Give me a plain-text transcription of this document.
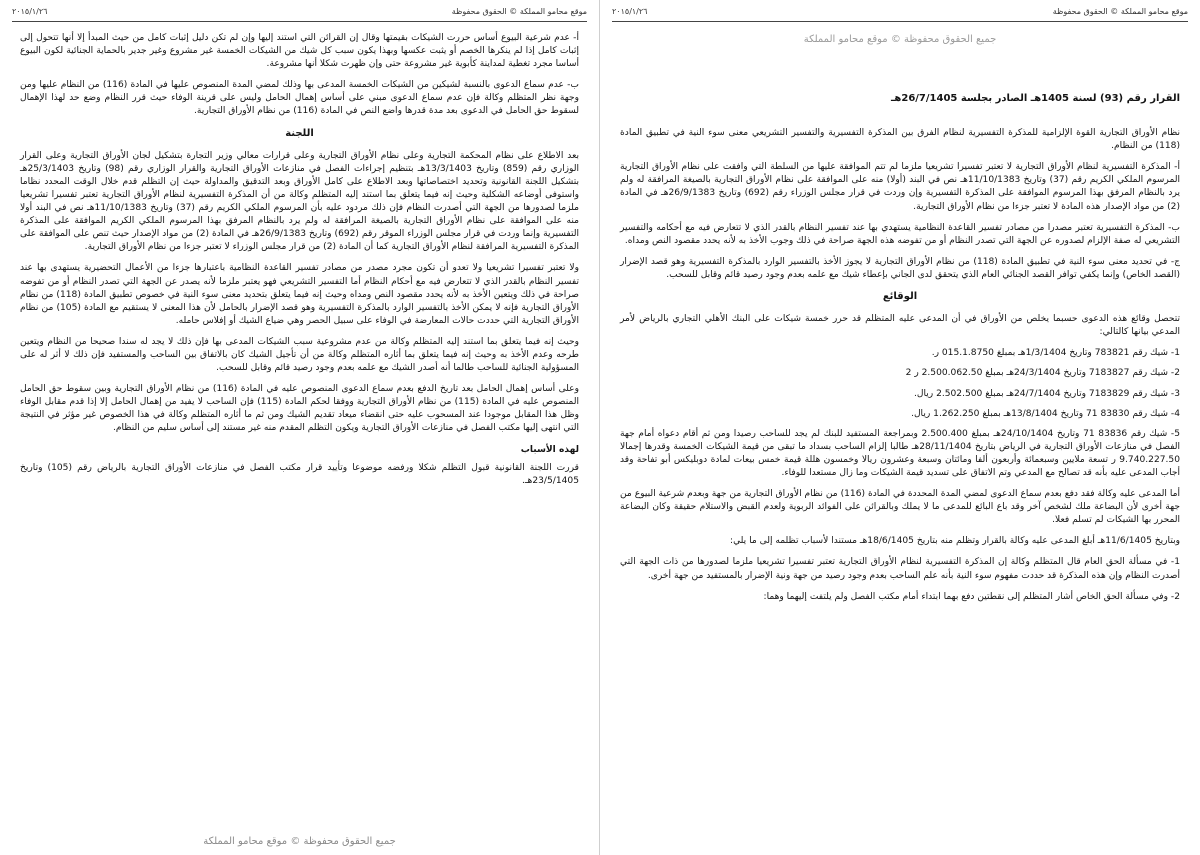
٢٠١٥/١/٢٦	موقع محامو المملكة © الحقوق محفوظة
جميع الحقوق محفوظة © موقع محامو المملكة

القرار رقم (93) لسنة 1405هـ الصادر بجلسة 26/7/1405هـ

نظام الأوراق التجارية القوة الإلزامية للمذكرة التفسيرية لنظام الفرق بين المذكرة التفسيرية والتفسير التشريعي معنى سوء النية في تطبيق المادة (118) من النظام.

أ- المذكرة التفسيرية لنظام الأوراق التجارية لا تعتبر تفسيرا تشريعيا ملزما لم تتم الموافقة عليها من السلطة التي وافقت على نظام الأوراق التجارية المرسوم الملكي الكريم رقم (37) وتاريخ 11/10/1383هـ نص في البند (أولا) منه على الموافقة على نظام الأوراق التجارية بالصيغة المرافقة له ولم يرد بالنظام المرفق بهذا المرسوم الموافقة على المذكرة التفسيرية وإن وردت في قرار مجلس الوزراء رقم (692) وتاريخ 26/9/1383هـ في المادة (2) من مواد الإصدار هذه المادة لا تعتبر جزءا من نظام الأوراق التجارية.

ب- المذكرة التفسيرية تعتبر مصدرا من مصادر تفسير القاعدة النظامية يستهدي بها عند تفسير النظام بالقدر الذي لا تتعارض فيه مع أحكامه والتفسير التشريعي له صفة الإلزام لصدوره عن الجهة التي تصدر النظام أو من تفوضه هذه الجهة صراحة في ذلك وجوب الأخذ به لأنه يحدد مقصود النص ومداه.

ج- في تحديد معنى سوء النية في تطبيق المادة (118) من نظام الأوراق التجارية لا يجوز الأخذ بالتفسير الوارد بالمذكرة التفسيرية وهو قصد الإضرار (القصد الخاص) وإنما يكفي توافر القصد الجنائي العام الذي يتحقق لدى الجاني بإعطاء شيك مع علمه بعدم وجود رصيد قائم وقابل للسحب.

الوقائع

تتحصل وقائع هذه الدعوى حسبما يخلص من الأوراق في أن المدعى عليه المتظلم قد حرر خمسة شيكات على البنك الأهلي التجاري بالرياض لأمر المدعي بيانها كالتالي:

1- شيك رقم 783821 وتاريخ 1/3/1404هـ بمبلغ 015.1.8750 ر.

2- شيك رقم 7183827 وتاريخ 24/3/1404هـ بمبلغ 2.500.062.50 ر 2

3- شيك رقم 7183829 وتاريخ 24/7/1404هـ بمبلغ 2.502.500 ريال.

4- شيك رقم 83830 71 وتاريخ 13/8/1404هـ بمبلغ 1.262.250 ريال.

5- شيك رقم 83836 71 وتاريخ 24/10/1404هـ بمبلغ 2.500.400 وبمراجعة المستفيد للبنك لم يجد للساحب رصيدا ومن ثم أقام دعواه أمام جهة الفصل في منازعات الأوراق التجارية في الرياض بتاريخ 28/11/1404هـ طالبا إلزام الساحب بسداد ما تبقى من قيمة الشيكات الخمسة وقدرها إجمالا 9.740.227.50 ر تسعة ملايين وسبعمائة وأربعون ألفا ومائتان وسبعة وعشرون ريالا وخمسون هللة قيمة خمس بيعات لمادة دوبليكس أبو تفاحة وقد أجاب المدعى عليه بأنه قد تصالح مع المدعي وتم الاتفاق على تسديد قيمة الشيكات وما زال مستعدا للوفاء.

أما المدعى عليه وكالة فقد دفع بعدم سماع الدعوى لمضي المدة المحددة في المادة (116) من نظام الأوراق التجارية من جهة وبعدم شرعية البيوع من جهة أخرى لأن البضاعة ملك لشخص آخر وقد باع البائع للمدعى ما لا يملك وبالقرائن على الفوائد الربوية ولعدم القبض والاستلام حقيقة وكان البضاعة المحرر بها الشيكات لم تسلم فعلا.

وبتاريخ 11/6/1405هـ أبلغ المدعى عليه وكالة بالقرار وتظلم منه بتاريخ 18/6/1405هـ مستندا لأسباب تظلمه إلى ما يلي:

1- في مسألة الحق العام قال المتظلم وكالة إن المذكرة التفسيرية لنظام الأوراق التجارية تعتبر تفسيرا تشريعيا ملزما لصدورها من ذات الجهة التي أصدرت النظام وإن هذه المذكرة قد حددت مفهوم سوء النية بأنه علم الساحب بعدم وجود رصيد من جهة ونية الإضرار بالمستفيد من جهة أخرى.

2- وفي مسألة الحق الخاص أشار المتظلم إلى نقطتين دفع بهما ابتداء أمام مكتب الفصل ولم يلتفت إليهما وهما:

٢٠١٥/١/٢٦	موقع محامو المملكة © الحقوق محفوظة

أ- عدم شرعية البيوع أساس حررت الشيكات بقيمتها وقال إن القرائن التي استند إليها وإن لم تكن دليل إثبات كامل من حيث المبدأ إلا أنها تتحول إلى إثبات كامل إذا لم ينكرها الخصم أو يثبت عكسها وبهذا يكون سبب كل شيك من الشيكات الخمسة غير مشروع وغير جدير بالحماية الجنائية لكون البيوع أساسا مجرد تغطية لمداينة كأبوية غير مشروعة حتى وإن ظهرت شكلا أنها مشروعة.

ب- عدم سماع الدعوى بالنسبة لشيكين من الشيكات الخمسة المدعى بها وذلك لمضي المدة المنصوص عليها في المادة (116) من النظام عليها ومن وجهة نظر المتظلم وكالة فإن عدم سماع الدعوى مبني على أساس إهمال الحامل وليس على قرينة الوفاء حيث قرر النظام وضع حد لهذا الإهمال لسقوط حق الحامل في الدعوى بعد مدة قدرها واضع النص في المادة (116) من نظام الأوراق التجارية.

اللجنة

بعد الاطلاع على نظام المحكمة التجارية وعلى نظام الأوراق التجارية وعلى قرارات معالي وزير التجارة بتشكيل لجان الأوراق التجارية وعلى القرار الوزاري رقم (859) وتاريخ 13/3/1403هـ بتنظيم إجراءات الفصل في منازعات الأوراق التجارية والقرار الوزاري رقم (98) وتاريخ 25/3/1403هـ بتشكيل اللجنة القانونية وتحديد اختصاصاتها وبعد الاطلاع على كامل الأوراق وبعد التدقيق والمداولة حيث إن التظلم قدم خلال الوقت المحدد نظاما واستوفى أوضاعه الشكلية وحيث إنه فيما يتعلق بما استند إليه المتظلم وكالة من أن المذكرة التفسيرية لنظام الأوراق التجارية تعتبر تفسيرا تشريعيا ملزما لصدورها من الجهة التي أصدرت النظام فإن ذلك مردود عليه بأن المرسوم الملكي الكريم رقم (37) وتاريخ 11/10/1383هـ نص في البند أولا منه على الموافقة على نظام الأوراق التجارية بالصيغة المرافقة له ولم يرد بالنظام المرفق بهذا المرسوم الملكي الكريم الموافقة على المذكرة التفسيرية وإنما وردت في قرار مجلس الوزراء الموقر رقم (692) وتاريخ 26/9/1383هـ في المادة (2) من مواد الإصدار حيث تنص على الموافقة على المذكرة التفسيرية المرافقة لنظام الأوراق التجارية كما أن المادة (2) من قرار مجلس الوزراء لا تعتبر جزءا من نظام الأوراق التجارية.

ولا تعتبر تفسيرا تشريعيا ولا تعدو أن تكون مجرد مصدر من مصادر تفسير القاعدة النظامية باعتبارها جزءا من الأعمال التحضيرية يستهدى بها عند تفسير النظام بالقدر الذي لا تتعارض فيه مع أحكام النظام أما التفسير التشريعي فهو يعتبر ملزما لأنه يصدر عن الجهة التي تصدر النظام أو من تفوضه صراحة في ذلك ويتعين الأخذ به لأنه يحدد مقصود النص ومداه وحيث إنه فيما يتعلق بتحديد معنى سوء النية في خصوص تطبيق المادة (118) من نظام الأوراق التجارية فإنه لا يمكن الأخذ بالتفسير الوارد بالمذكرة التفسيرية وهو قصد الإضرار بالحامل لأن هذا المعنى لا يستقيم مع المادة (105) من نظام الأوراق التجارية التي حددت حالات المعارضة في الوفاء على سبيل الحصر وهي ضياع الشيك أو إفلاس حامله.

وحيث إنه فيما يتعلق بما استند إليه المتظلم وكالة من عدم مشروعية سبب الشيكات المدعى بها فإن ذلك لا يجد له سندا صحيحا من النظام ويتعين طرحه وعدم الأخذ به وحيث إنه فيما يتعلق بما أثاره المتظلم وكالة من أن تأجيل الشيك كان بالاتفاق بين الساحب والمستفيد فإن ذلك لا أثر له على المسؤولية الجنائية للساحب طالما أنه أصدر الشيك مع علمه بعدم وجود رصيد قائم وقابل للسحب.

وعلى أساس إهمال الحامل بعد تاريخ الدفع بعدم سماع الدعوى المنصوص عليه في المادة (116) من نظام الأوراق التجارية وبين سقوط حق الحامل المنصوص عليه في المادة (115) من نظام الأوراق التجارية ووفقا لحكم المادة (115) فإن الساحب لا يفيد من إهمال الحامل إلا إذا قدم مقابل الوفاء وظل هذا المقابل موجودا عند المسحوب عليه حتى انقضاء ميعاد تقديم الشيك ومن ثم ما أثاره المتظلم وكالة في هذا الخصوص غير مؤثر في النتيجة التي انتهى إليها مكتب الفصل في منازعات الأوراق التجارية ويكون التظلم المقدم منه غير مستند إلى أساس سليم من النظام.

لهذه الأسباب

قررت اللجنة القانونية قبول التظلم شكلا ورفضه موضوعا وتأييد قرار مكتب الفصل في منازعات الأوراق التجارية بالرياض رقم (105) وتاريخ 23/5/1405هـ.

جميع الحقوق محفوظة © موقع محامو المملكة
